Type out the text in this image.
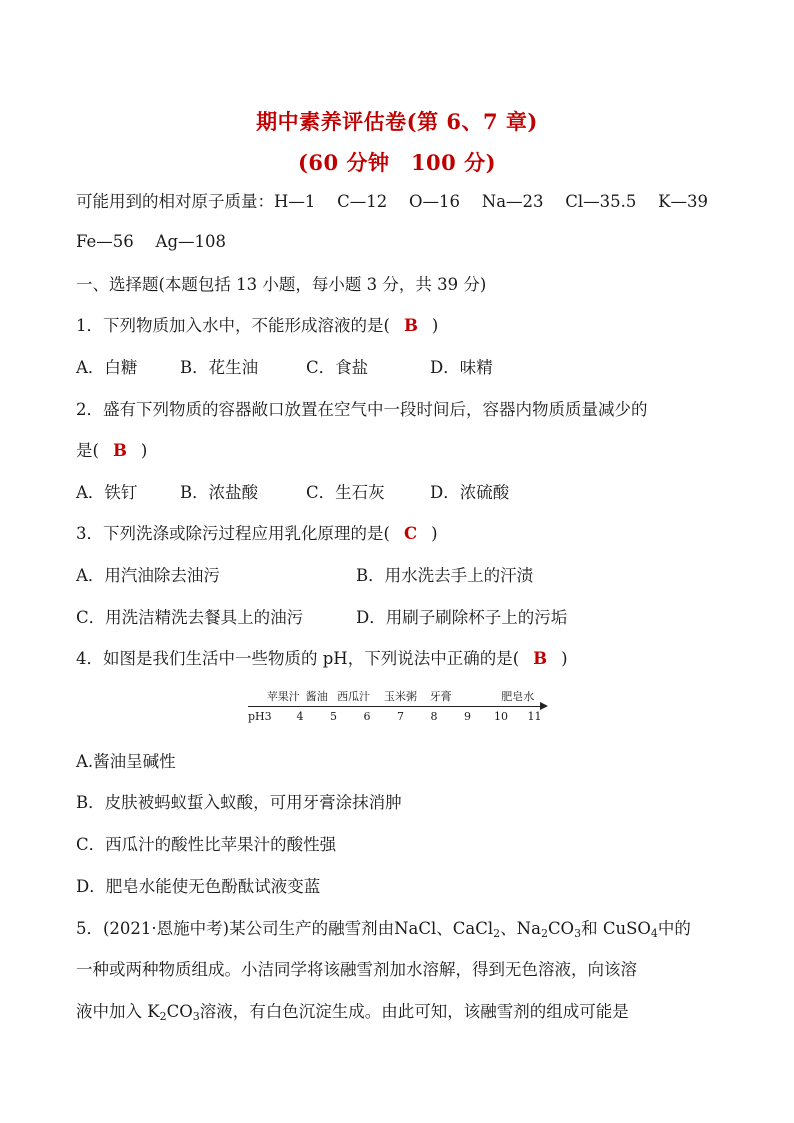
期中素养评估卷(第 6、7 章)
(60 分钟　100 分)
可能用到的相对原子质量：H—1　 C—12　 O—16　 Na—23　 Cl—35.5　 K—39
Fe—56　 Ag—108
一、选择题(本题包括 13 小题，每小题 3 分，共 39 分)
1．下列物质加入水中，不能形成溶液的是( B )
A．白糖	B．花生油	C．食盐	D．味精
2．盛有下列物质的容器敞口放置在空气中一段时间后，容器内物质质量减少的
是( B )
A．铁钉	B．浓盐酸	C．生石灰	D．浓硫酸
3．下列洗涤或除污过程应用乳化原理的是( C )
A．用汽油除去油污	B．用水洗去手上的汗渍
C．用洗洁精洗去餐具上的油污	D．用刷子刷除杯子上的污垢
4．如图是我们生活中一些物质的 pH，下列说法中正确的是( B )
pH3 4 5 6 7 8 9 10 11
苹果汁 酱油 西瓜汁 玉米粥 牙膏	肥皂水
A.酱油呈碱性
B．皮肤被蚂蚁蜇入蚁酸，可用牙膏涂抹消肿
C．西瓜汁的酸性比苹果汁的酸性强
D．肥皂水能使无色酚酞试液变蓝
5．(2021·恩施中考)某公司生产的融雪剂由NaCl、CaCl$_2$、$Na_2CO_3$和 CuSO$_4$中的
一种或两种物质组成。小洁同学将该融雪剂加水溶解，得到无色溶液，向该溶
液中加入 $K_2CO_3$溶液，有白色沉淀生成。由此可知，该融雪剂的组成可能是
